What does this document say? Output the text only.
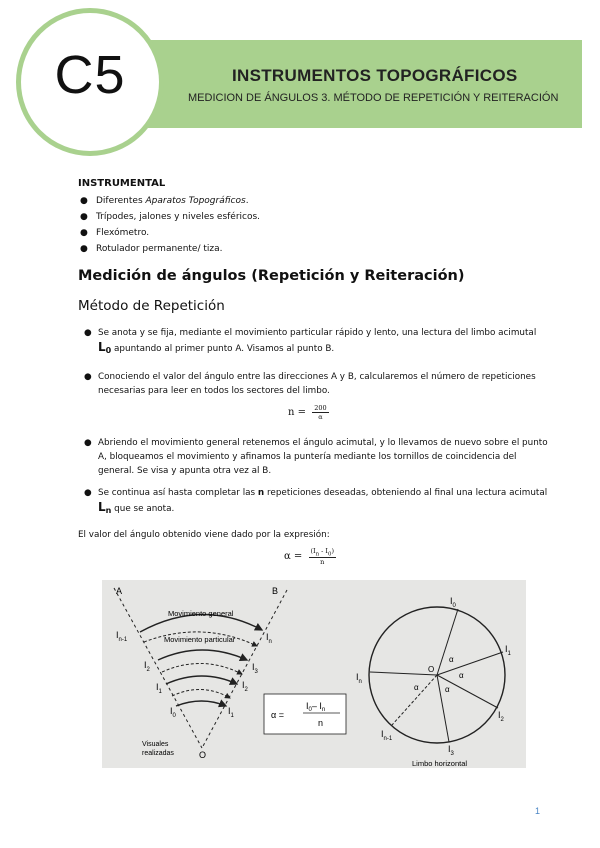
C5	INSTRUMENTOS TOPOGRÁFICOS
MEDICION DE ÁNGULOS 3. MÉTODO DE REPETICIÓN Y REITERACIÓN
INSTRUMENTAL
● Diferentes Aparatos Topográficos.
● Trípodes, jalones y niveles esféricos.
● Flexómetro.
● Rotulador permanente/ tiza.
Medición de ángulos (Repetición y Reiteración)
Método de Repetición
● Se anota y se fija, mediante el movimiento particular rápido y lento, una lectura del limbo acimutal
L0 apuntando al primer punto A. Visamos al punto B.
● Conociendo el valor del ángulo entre las direcciones A y B, calcularemos el número de repeticiones necesarias para leer en todos los sectores del limbo.
$n = \frac{200}{\alpha}$
● Abriendo el movimiento general retenemos el ángulo acimutal, y lo llevamos de nuevo sobre el punto A, bloqueamos el movimiento y afinamos la puntería mediante los tornillos de coincidencia del general. Se visa y apunta otra vez al B.
● Se continua así hasta completar las n repeticiones deseadas, obteniendo al final una lectura acimutal Ln que se anota.
El valor del ángulo obtenido viene dado por la expresión:
$\alpha = \frac{(I_n - I_0)}{n}$
A	B
Movimiento general
Movimiento particular
$I_{n-1}$	$I_n$
$I_2$	$I_3$
$I_1$
$I_2$
$I_0$	$I_1$
Visuales
realizadas	O
α =
$I_0-$ $I_n$
n
$I_0$
$I_1$
$I_2$
$I_3$
$I_n$
$I_{n-1}$
O
α
α
α
α
Limbo horizontal
1
